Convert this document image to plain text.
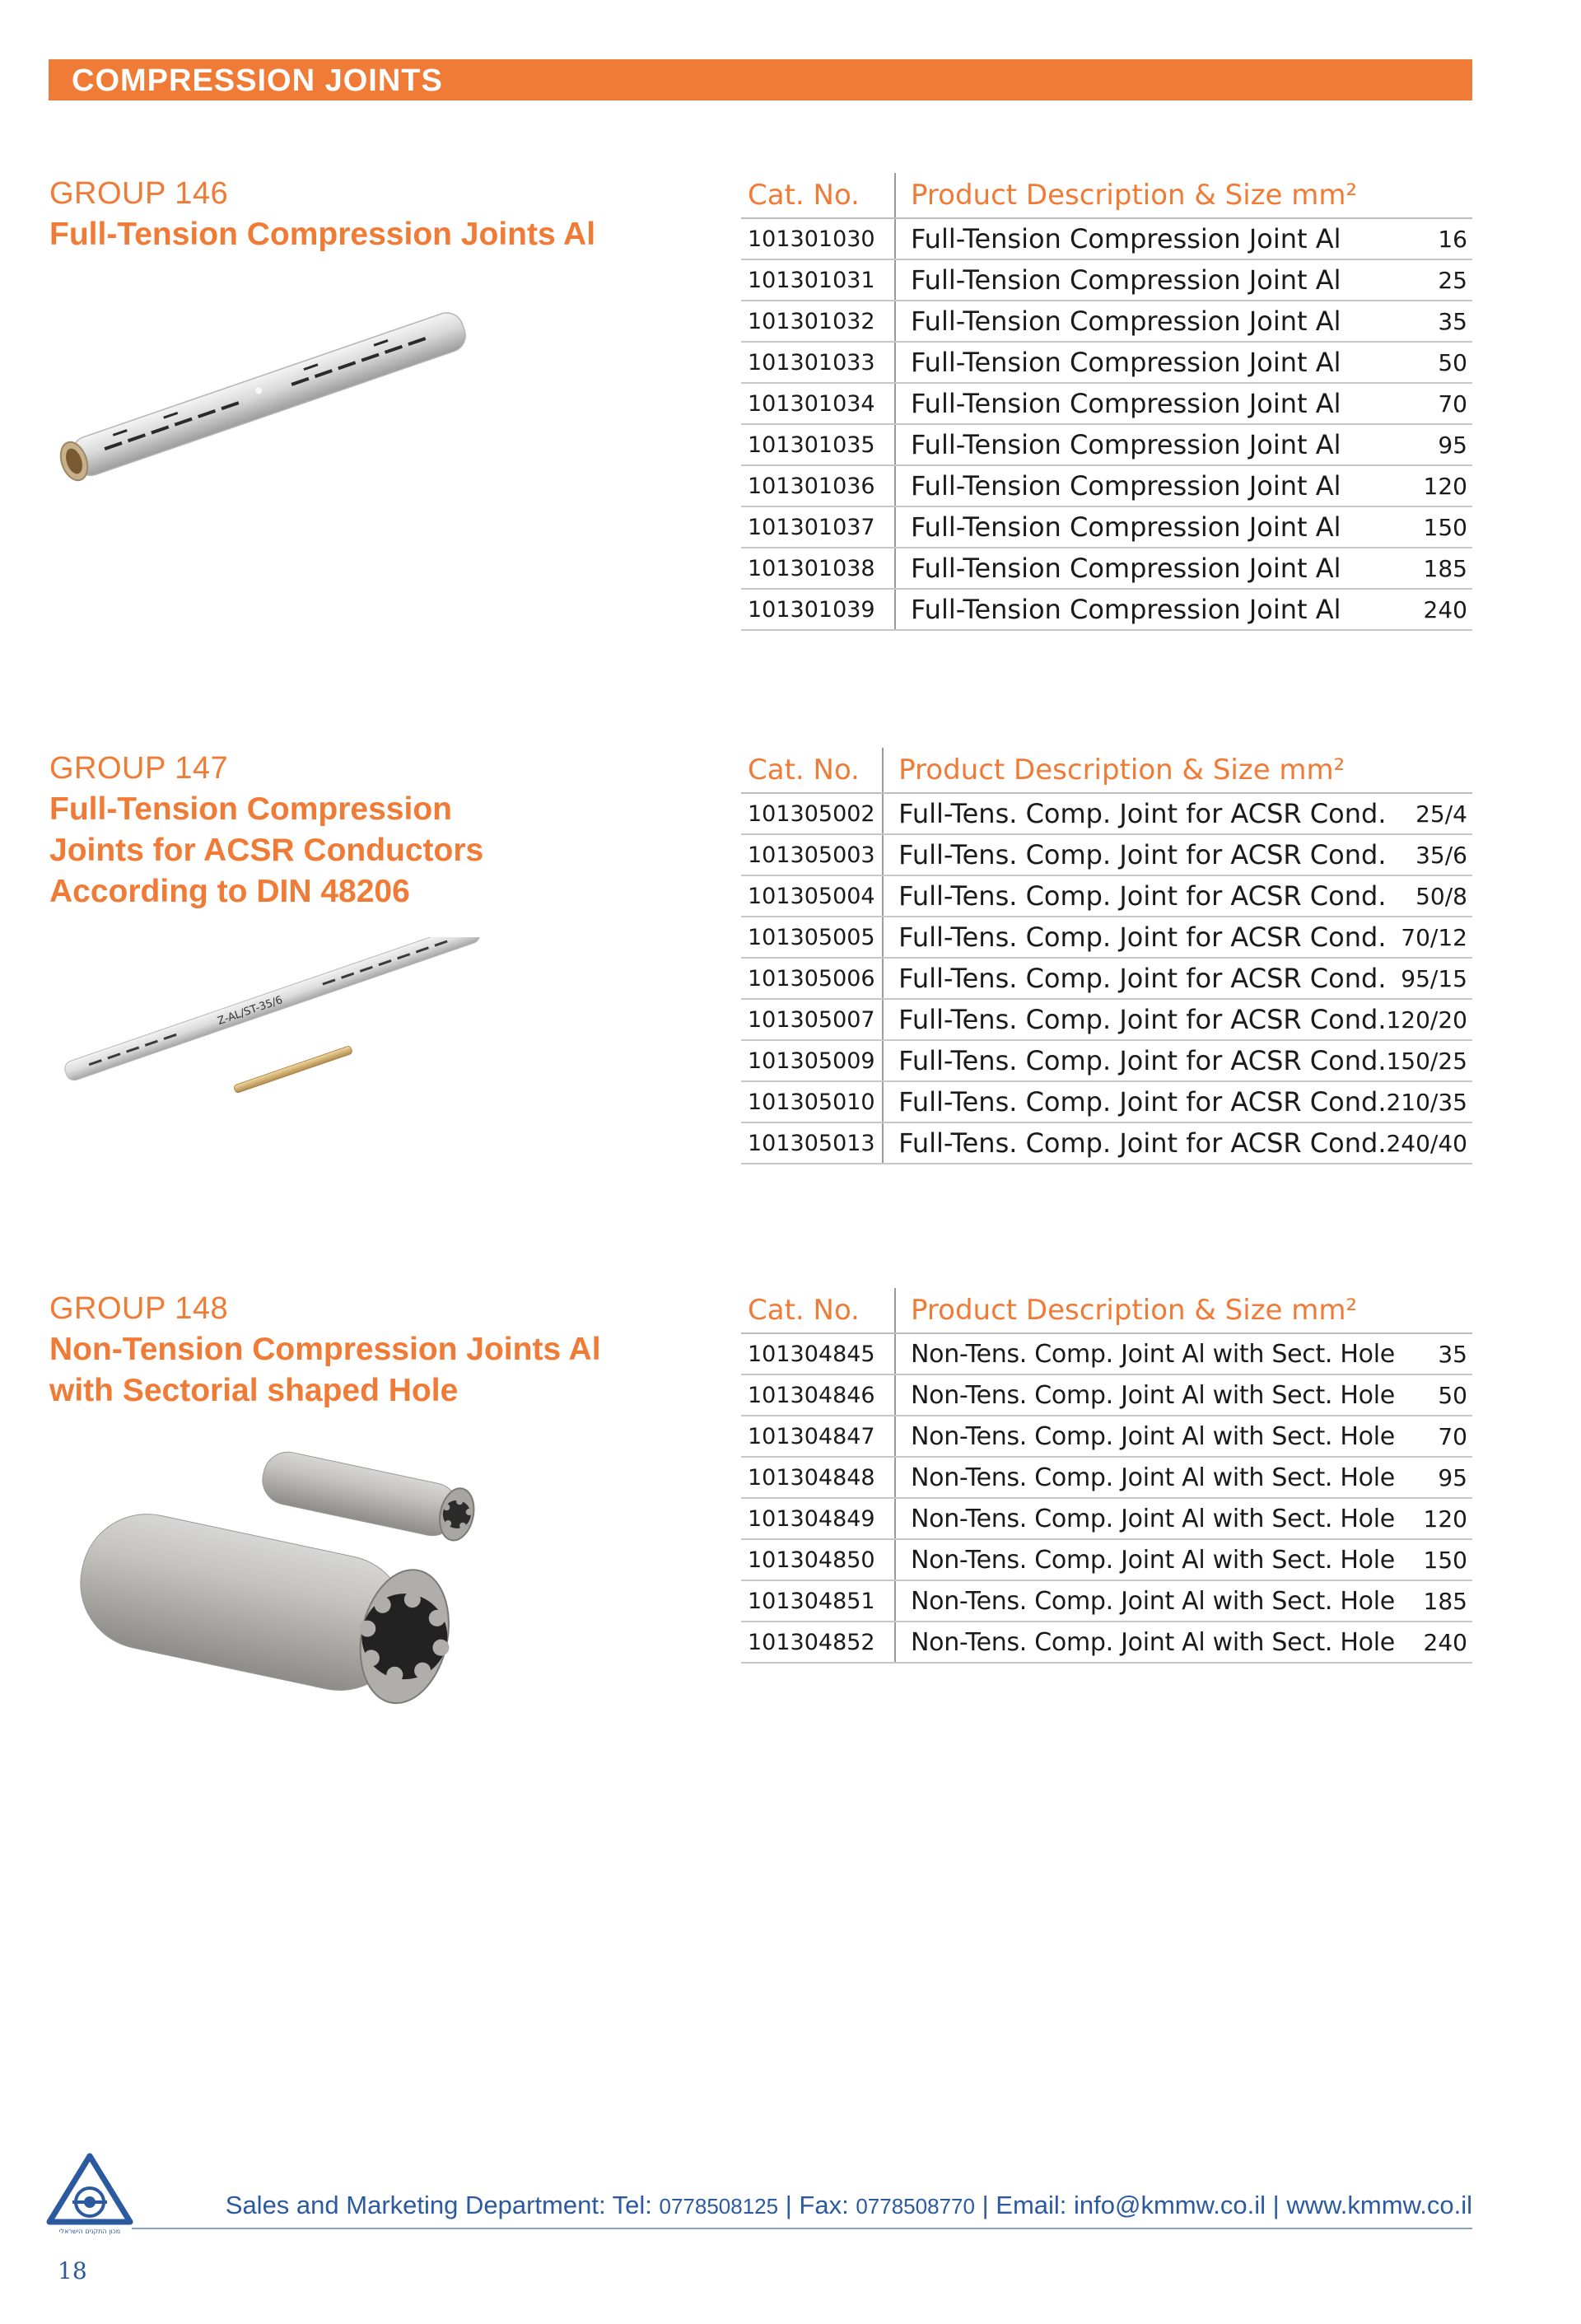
COMPRESSION JOINTS
GROUP 146
Full-Tension Compression Joints Al
Cat. No.	Product Description & Size mm²	
101301030	Full-Tension Compression Joint Al	16
101301031	Full-Tension Compression Joint Al	25
101301032	Full-Tension Compression Joint Al	35
101301033	Full-Tension Compression Joint Al	50
101301034	Full-Tension Compression Joint Al	70
101301035	Full-Tension Compression Joint Al	95
101301036	Full-Tension Compression Joint Al	120
101301037	Full-Tension Compression Joint Al	150
101301038	Full-Tension Compression Joint Al	185
101301039	Full-Tension Compression Joint Al	240
GROUP 147
Full-Tension Compression
Joints for ACSR Conductors
According to DIN 48206
Z-AL/ST-35/6
Cat. No.	Product Description & Size mm²	
101305002	Full-Tens. Comp. Joint for ACSR Cond.	25/4
101305003	Full-Tens. Comp. Joint for ACSR Cond.	35/6
101305004	Full-Tens. Comp. Joint for ACSR Cond.	50/8
101305005	Full-Tens. Comp. Joint for ACSR Cond.	70/12
101305006	Full-Tens. Comp. Joint for ACSR Cond.	95/15
101305007	Full-Tens. Comp. Joint for ACSR Cond.	120/20
101305009	Full-Tens. Comp. Joint for ACSR Cond.	150/25
101305010	Full-Tens. Comp. Joint for ACSR Cond.	210/35
101305013	Full-Tens. Comp. Joint for ACSR Cond.	240/40
GROUP 148
Non-Tension Compression Joints Al
with Sectorial shaped Hole
Cat. No.	Product Description & Size mm²	
101304845	Non-Tens. Comp. Joint Al with Sect. Hole	35
101304846	Non-Tens. Comp. Joint Al with Sect. Hole	50
101304847	Non-Tens. Comp. Joint Al with Sect. Hole	70
101304848	Non-Tens. Comp. Joint Al with Sect. Hole	95
101304849	Non-Tens. Comp. Joint Al with Sect. Hole	120
101304850	Non-Tens. Comp. Joint Al with Sect. Hole	150
101304851	Non-Tens. Comp. Joint Al with Sect. Hole	185
101304852	Non-Tens. Comp. Joint Al with Sect. Hole	240
מכון התקנים הישראלי
Sales and Marketing Department: Tel: 0778508125 | Fax: 0778508770 | Email: info@kmmw.co.il | www.kmmw.co.il
18
